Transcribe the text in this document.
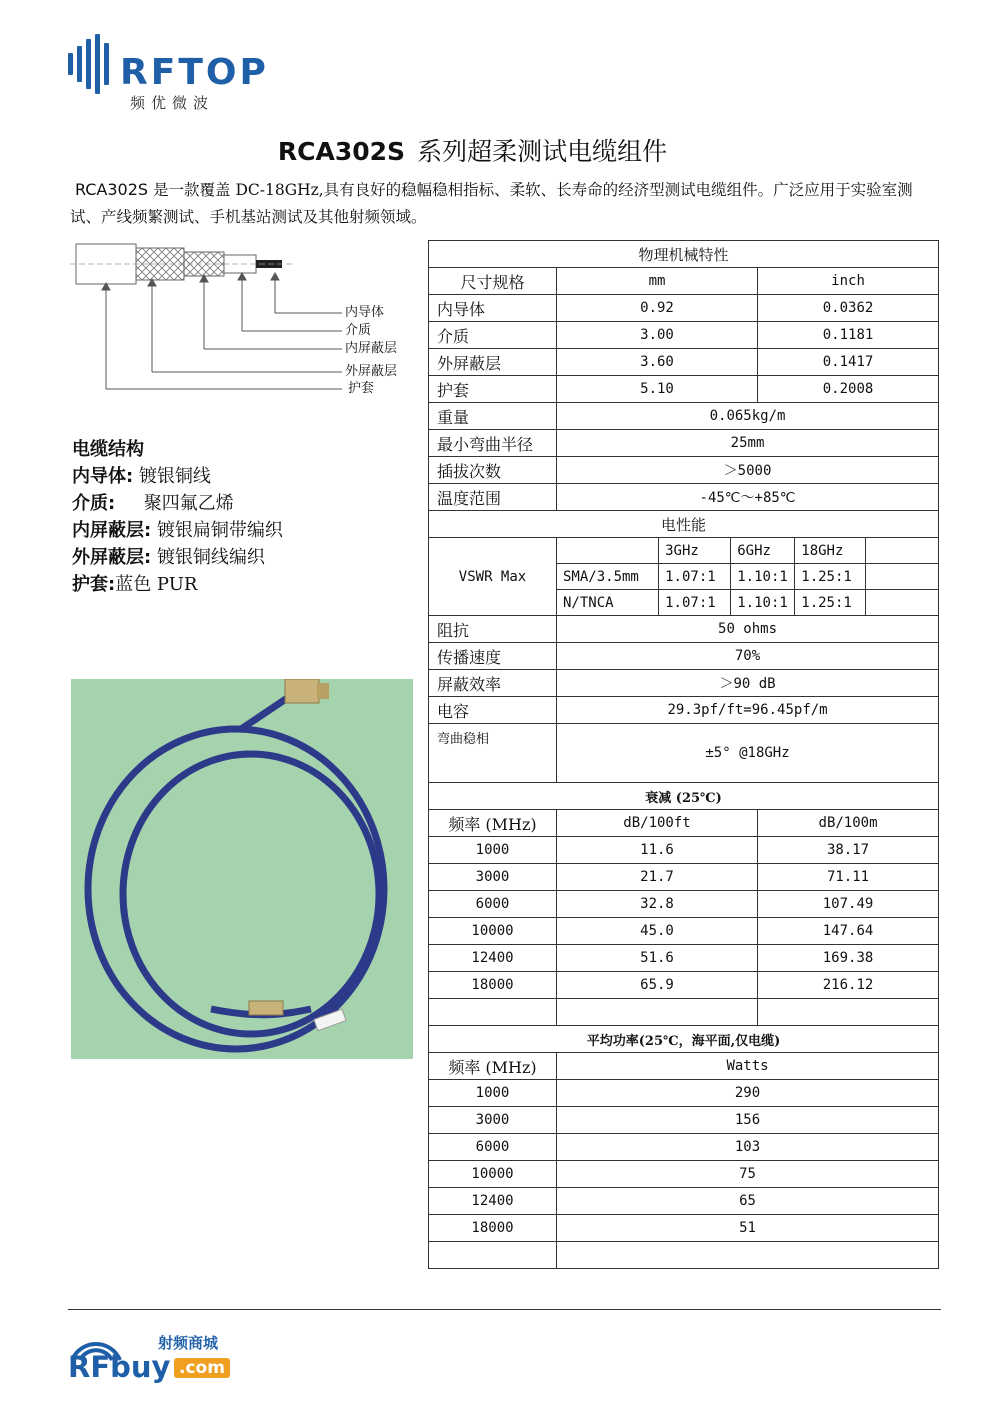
RFTOP
频优微波
RCA302S 系列超柔测试电缆组件
RCA302S 是一款覆盖 DC-18GHz,具有良好的稳幅稳相指标、柔软、长寿命的经济型测试电缆组件。广泛应用于实验室测试、产线频繁测试、手机基站测试及其他射频领域。
内导体
介质
内屏蔽层
外屏蔽层
护套
电缆结构
内导体: 镀银铜线
介质: 聚四氟乙烯
内屏蔽层: 镀银扁铜带编织
外屏蔽层: 镀银铜线编织
护套:蓝色 PUR
物理机械特性
尺寸规格	mm	inch
内导体	0.92	0.0362
介质	3.00	0.1181
外屏蔽层	3.60	0.1417
护套	5.10	0.2008
重量	0.065kg/m
最小弯曲半径	25mm
插拔次数	＞5000
温度范围	-45℃～+85℃
电性能
VSWR Max	
	3GHz	6GHz	18GHz	
SMA/3.5mm	1.07:1	1.10:1	1.25:1	
N/TNCA	1.07:1	1.10:1	1.25:1	

阻抗	50 ohms
传播速度	70%
屏蔽效率	＞90 dB
电容	29.3pf/ft=96.45pf/m
弯曲稳相	±5° @18GHz
衰减 (25℃)
频率 (MHz)	dB/100ft	dB/100m
1000	11.6	38.17
3000	21.7	71.11
6000	32.8	107.49
10000	45.0	147.64
12400	51.6	169.38
18000	65.9	216.12

平均功率(25℃，海平面,仅电缆)
频率 (MHz)	Watts
1000	290
3000	156
6000	103
10000	75
12400	65
18000	51

射频商城
RFbuy .com
